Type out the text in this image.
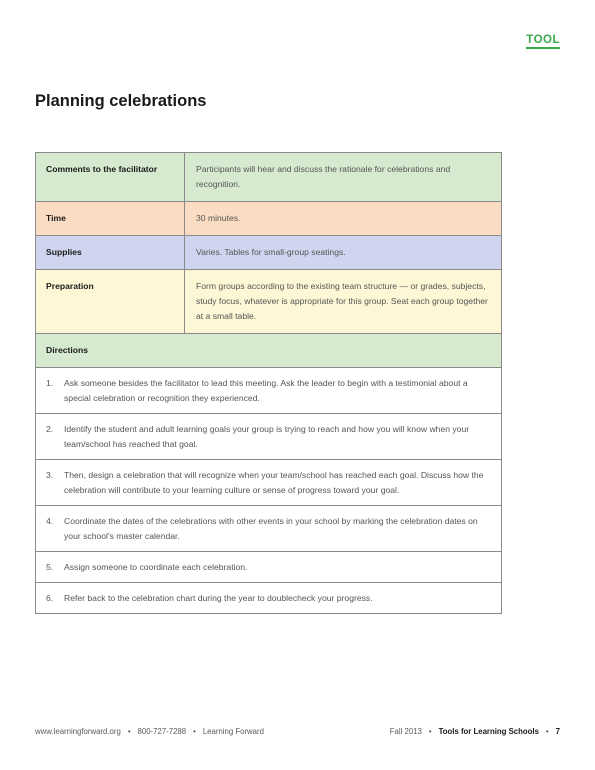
TOOL
Planning celebrations
Comments to the facilitator	Participants will hear and discuss the rationale for celebrations and recognition.
Time	30 minutes.
Supplies	Varies. Tables for small-group seatings.
Preparation	Form groups according to the existing team structure — or grades, subjects, study focus, whatever is appropriate for this group. Seat each group together at a small table.
Directions	

1. Ask someone besides the facilitator to lead this meeting. Ask the leader to begin with a testimonial about a special celebration or recognition they experienced.	

2. Identify the student and adult learning goals your group is trying to reach and how you will know when your team/school has reached that goal.	

3. Then, design a celebration that will recognize when your team/school has reached each goal. Discuss how the celebration will contribute to your learning culture or sense of progress toward your goal.	

4. Coordinate the dates of the celebrations with other events in your school by marking the celebration dates on your school's master calendar.	

5. Assign someone to coordinate each celebration.	

6. Refer back to the celebration chart during the year to doublecheck your progress.	
www.learningforward.org • 800-727-7288 • Learning Forward	Fall 2013 • Tools for Learning Schools • 7
